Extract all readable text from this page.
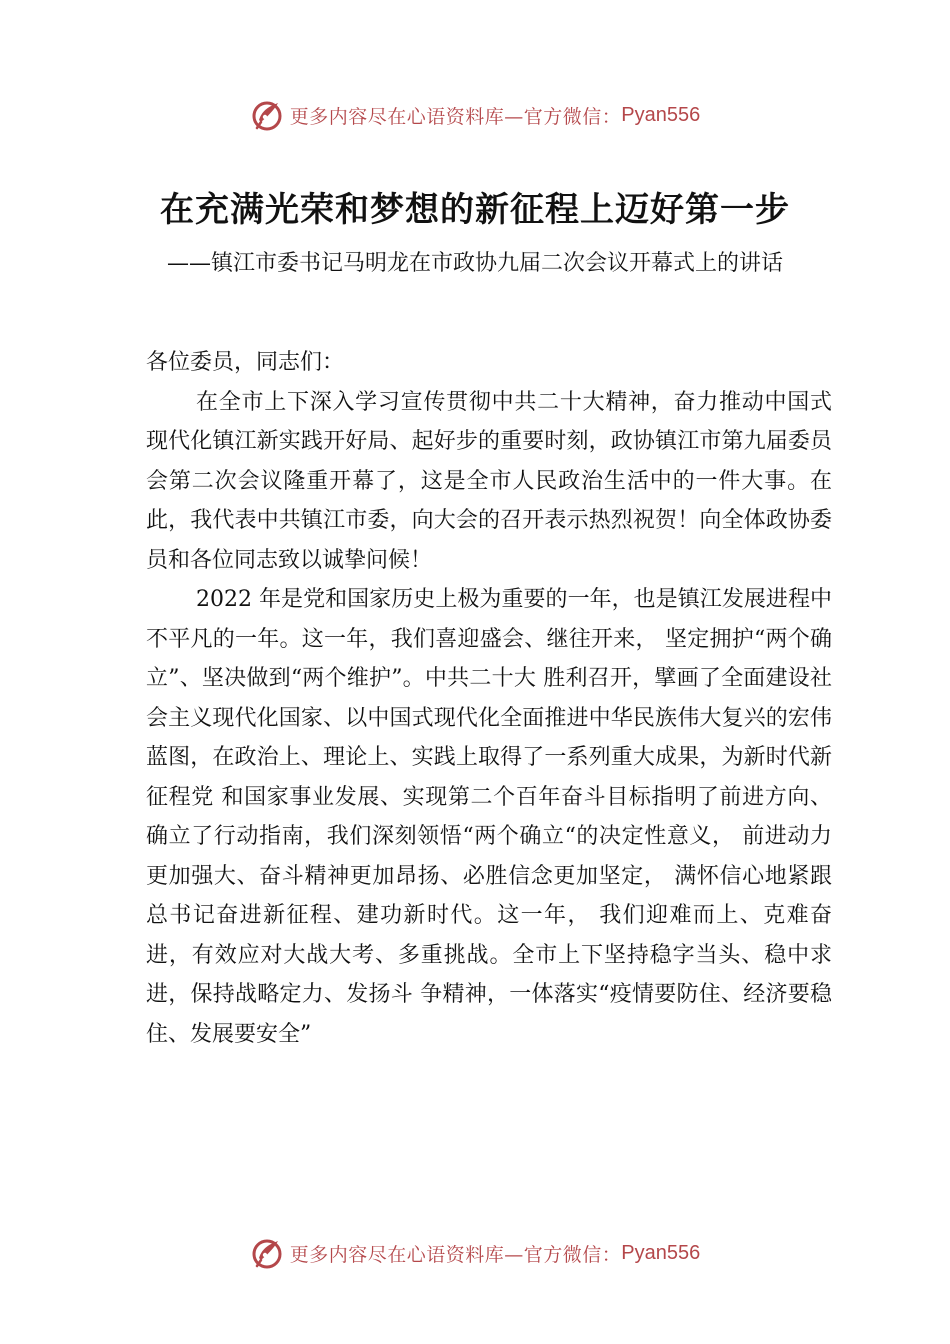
更多内容尽在心语资料库—官方微信： Pyan556
在充满光荣和梦想的新征程上迈好第一步

——镇江市委书记马明龙在市政协九届二次会议开幕式上的讲话

各位委员，同志们：

在全市上下深入学习宣传贯彻中共二十大精神，奋力推动中国式现代化镇江新实践开好局、起好步的重要时刻，政协镇江市第九届委员会第二次会议隆重开幕了，这是全市人民政治生活中的一件大事。在此，我代表中共镇江市委，向大会的召开表示热烈祝贺！向全体政协委员和各位同志致以诚挚问候！

2022 年是党和国家历史上极为重要的一年，也是镇江发展进程中不平凡的一年。这一年，我们喜迎盛会、继往开来， 坚定拥护“两个确立”、坚决做到“两个维护”。中共二十大 胜利召开，擘画了全面建设社会主义现代化国家、以中国式现代化全面推进中华民族伟大复兴的宏伟蓝图，在政治上、理论上、实践上取得了一系列重大成果，为新时代新征程党 和国家事业发展、实现第二个百年奋斗目标指明了前进方向、确立了行动指南，我们深刻领悟“两个确立“的决定性意义， 前进动力更加强大、奋斗精神更加昂扬、必胜信念更加坚定， 满怀信心地紧跟总书记奋进新征程、建功新时代。这一年， 我们迎难而上、克难奋进，有效应对大战大考、多重挑战。全市上下坚持稳字当头、稳中求进，保持战略定力、发扬斗 争精神，一体落实“疫情要防住、经济要稳住、发展要安全”

更多内容尽在心语资料库—官方微信： Pyan556
